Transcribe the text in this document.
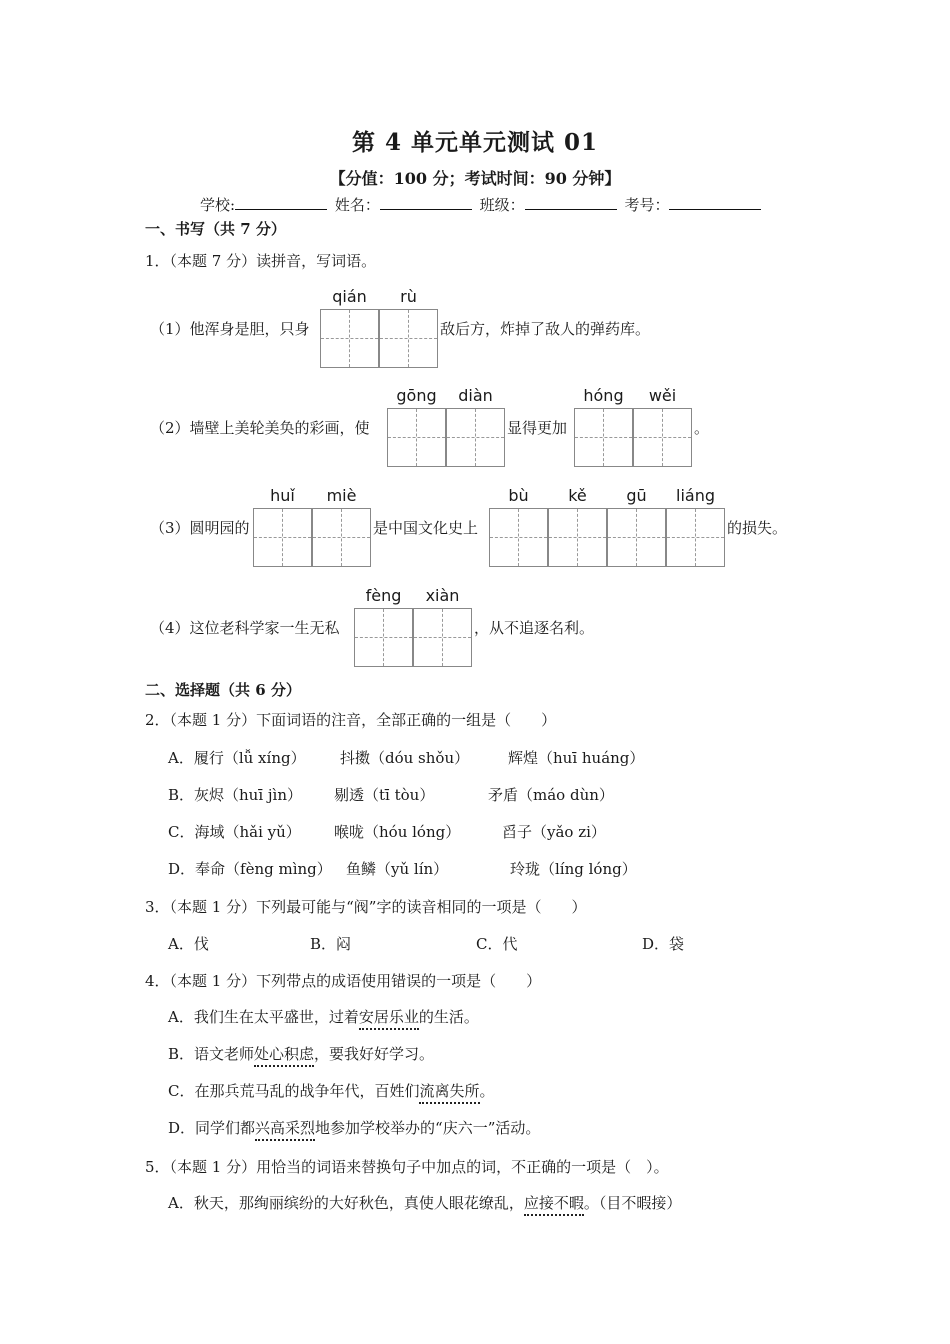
第 4 单元单元测试 01
【分值：100 分；考试时间：90 分钟】
学校:	姓名：	班级：	考号：
一、书写（共 7 分）
1．（本题 7 分）读拼音，写词语。
（1）他浑身是胆，只身
qián	rù
敌后方，炸掉了敌人的弹药库。
（2）墙壁上美轮美奂的彩画，使
gōng	diàn
显得更加
hóng	wěi
。
（3）圆明园的
huǐ	miè
是中国文化史上
bù	kě	gū	liáng
的损失。
（4）这位老科学家一生无私
fèng	xiàn
，从不追逐名利。
二、选择题（共 6 分）
2．（本题 1 分）下面词语的注音，全部正确的一组是（　　）
A．履行（lǚ xíng） 抖擞（dóu shǒu）	辉煌（huī huáng）
B．灰烬（huī jìn） 剔透（tī tòu）	矛盾（máo dùn）
C．海域（hǎi yǔ） 喉咙（hóu lóng）	舀子（yǎo zi）
D．奉命（fèng mìng） 鱼鳞（yǔ lín）	玲珑（líng lóng）
3．（本题 1 分）下列最可能与“阀”字的读音相同的一项是（　　）
A．伐	B．闷	C．代	D．袋
4．（本题 1 分）下列带点的成语使用错误的一项是（　　）
A．我们生在太平盛世，过着安居乐业的生活。
B．语文老师处心积虑，要我好好学习。
C．在那兵荒马乱的战争年代，百姓们流离失所。
D．同学们都兴高采烈地参加学校举办的“庆六一”活动。
5．（本题 1 分）用恰当的词语来替换句子中加点的词，不正确的一项是（　）。
A．秋天，那绚丽缤纷的大好秋色，真使人眼花缭乱，应接不暇。（目不暇接）
